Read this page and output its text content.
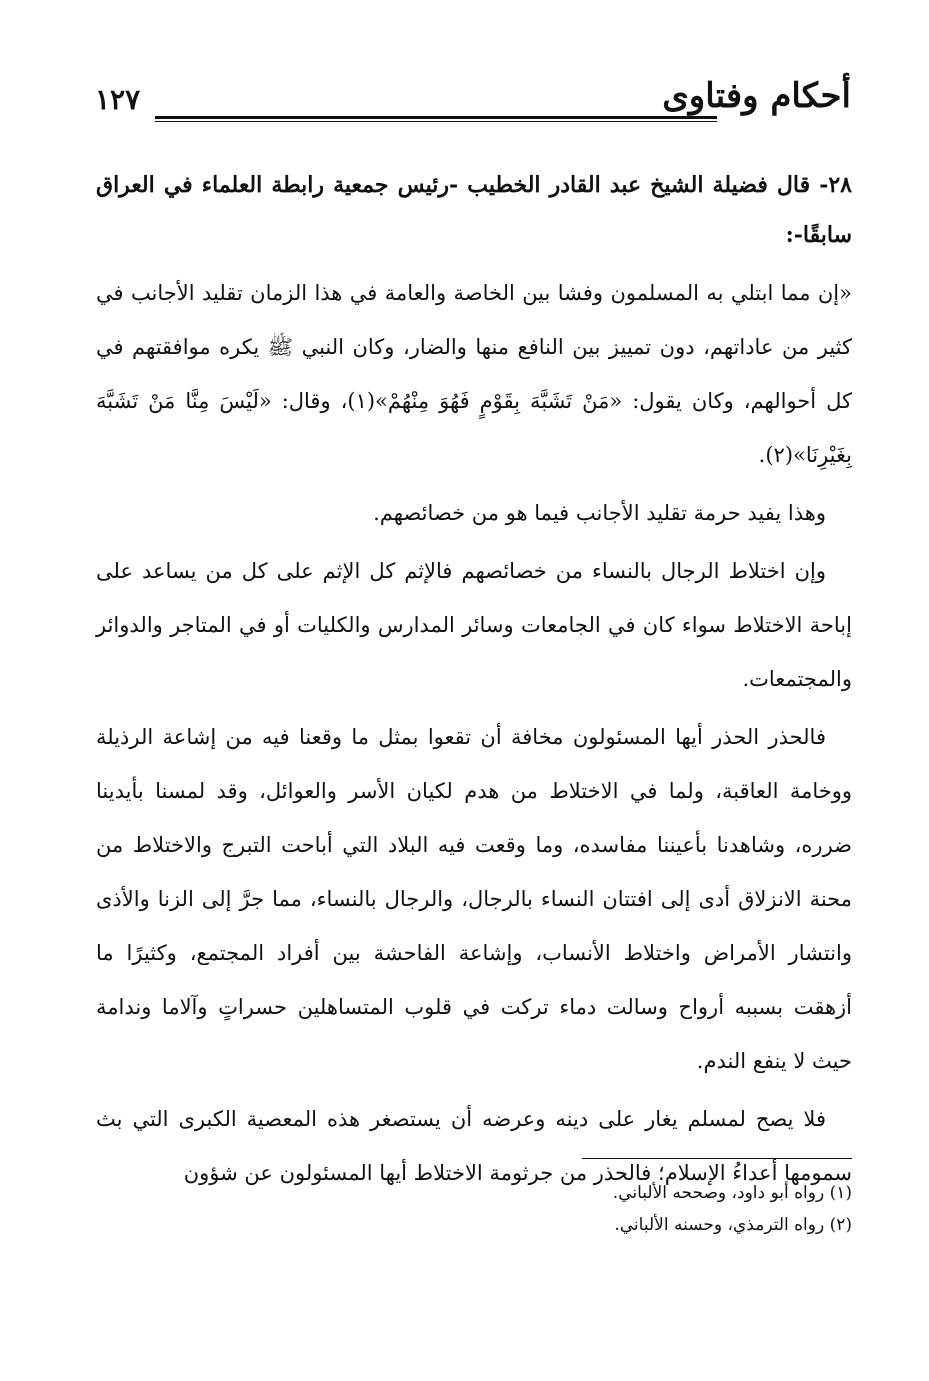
أحكام وفتاوى
١٢٧

٢٨- قال فضيلة الشيخ عبد القادر الخطيب -رئيس جمعية رابطة العلماء في العراق سابقًا-:

«إن مما ابتلي به المسلمون وفشا بين الخاصة والعامة في هذا الزمان تقليد الأجانب في كثير من عاداتهم، دون تمييز بين النافع منها والضار، وكان النبي ﷺ يكره موافقتهم في كل أحوالهم، وكان يقول: «مَنْ تَشَبَّهَ بِقَوْمٍ فَهُوَ مِنْهُمْ»(١)، وقال: «لَيْسَ مِنَّا مَنْ تَشَبَّهَ بِغَيْرِنَا»(٢).

وهذا يفيد حرمة تقليد الأجانب فيما هو من خصائصهم.

وإن اختلاط الرجال بالنساء من خصائصهم فالإثم كل الإثم على كل من يساعد على إباحة الاختلاط سواء كان في الجامعات وسائر المدارس والكليات أو في المتاجر والدوائر والمجتمعات.

فالحذر الحذر أيها المسئولون مخافة أن تقعوا بمثل ما وقعنا فيه من إشاعة الرذيلة ووخامة العاقبة، ولما في الاختلاط من هدم لكيان الأسر والعوائل، وقد لمسنا بأيدينا ضرره، وشاهدنا بأعيننا مفاسده، وما وقعت فيه البلاد التي أباحت التبرج والاختلاط من محنة الانزلاق أدى إلى افتتان النساء بالرجال، والرجال بالنساء، مما جرَّ إلى الزنا والأذى وانتشار الأمراض واختلاط الأنساب، وإشاعة الفاحشة بين أفراد المجتمع، وكثيرًا ما أزهقت بسببه أرواح وسالت دماء تركت في قلوب المتساهلين حسراتٍ وآلاما وندامة حيث لا ينفع الندم.

فلا يصح لمسلم يغار على دينه وعرضه أن يستصغر هذه المعصية الكبرى التي بث سمومها أعداءُ الإسلام؛ فالحذر من جرثومة الاختلاط أيها المسئولون عن شؤون

(١) رواه أبو داود، وصححه الألباني.
(٢) رواه الترمذي، وحسنه الألباني.
